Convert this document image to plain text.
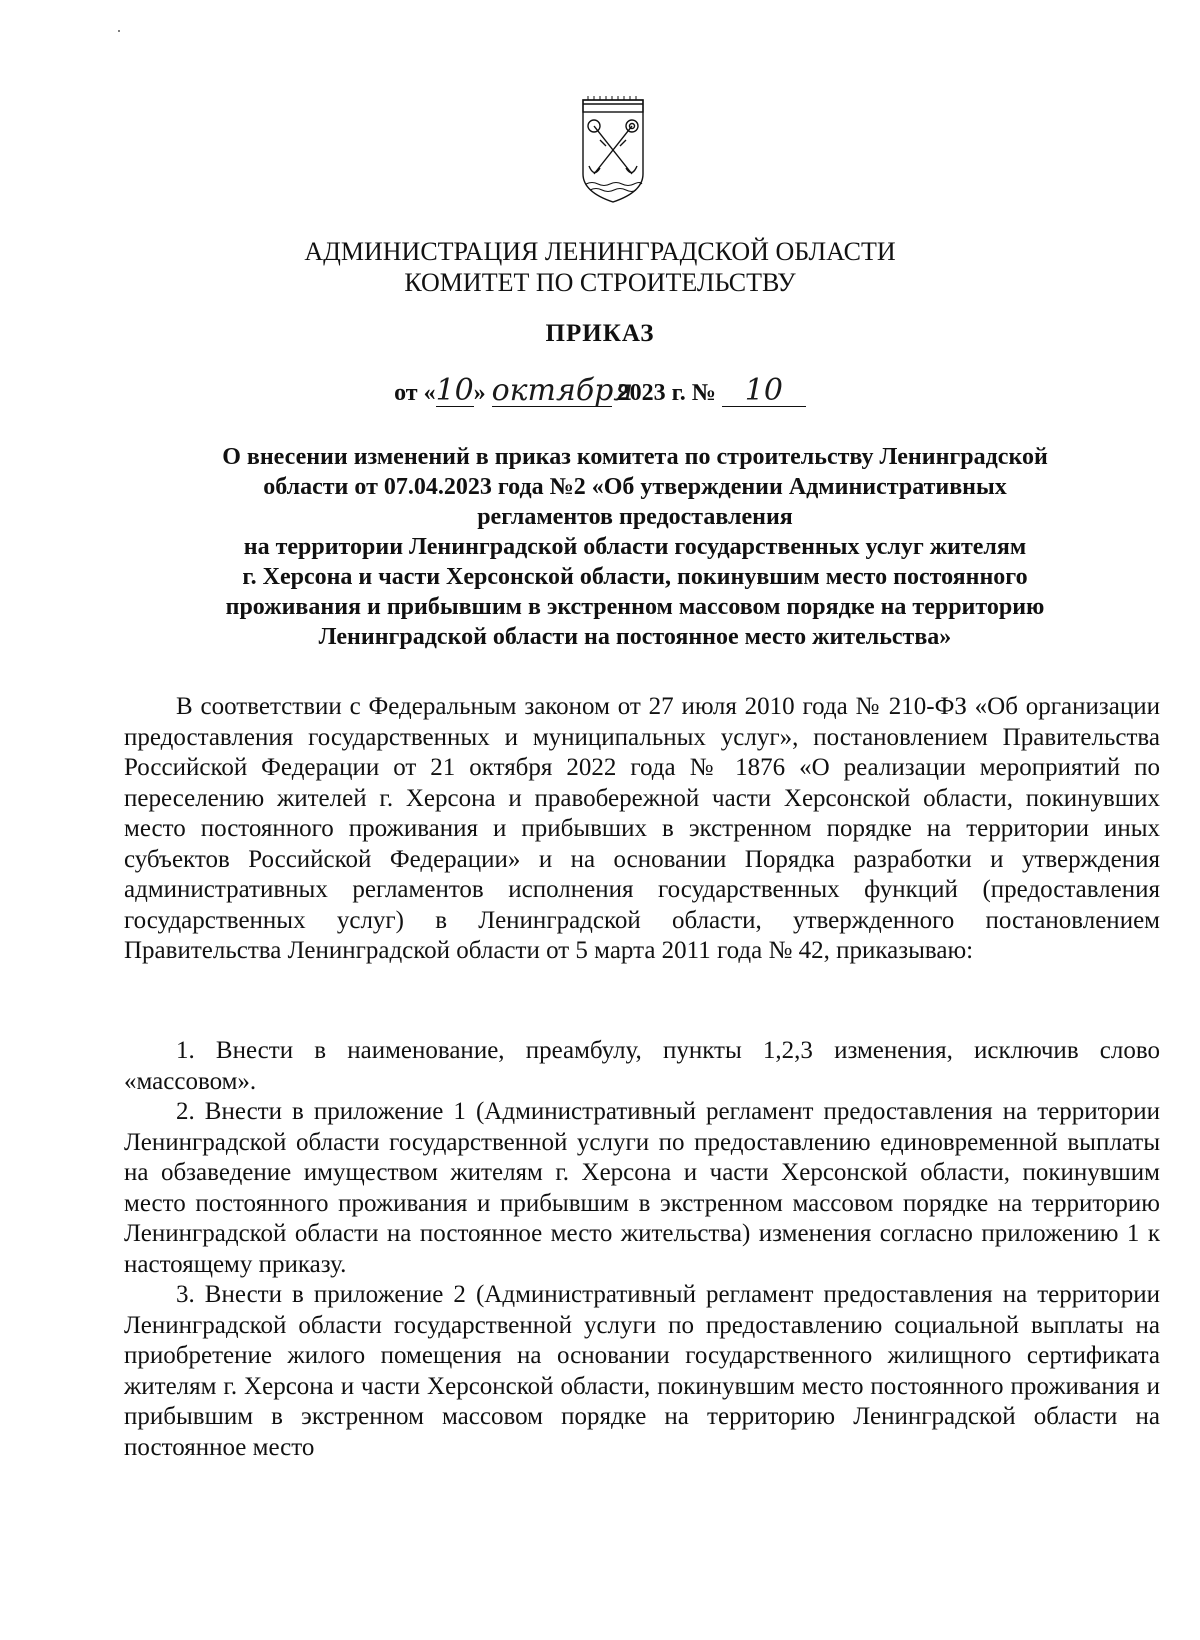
АДМИНИСТРАЦИЯ ЛЕНИНГРАДСКОЙ ОБЛАСТИ
КОМИТЕТ ПО СТРОИТЕЛЬСТВУ
ПРИКАЗ
от «10» октября 2023 г. № 10
О внесении изменений в приказ комитета по строительству Ленинградской
области от 07.04.2023 года №2 «Об утверждении Административных
регламентов предоставления
на территории Ленинградской области государственных услуг жителям
г. Херсона и части Херсонской области, покинувшим место постоянного
проживания и прибывшим в экстренном массовом порядке на территорию
Ленинградской области на постоянное место жительства»

В соответствии с Федеральным законом от 27 июля 2010 года № 210-ФЗ «Об организации предоставления государственных и муниципальных услуг», постановлением Правительства Российской Федерации от 21 октября 2022 года № 1876 «О реализации мероприятий по переселению жителей г. Херсона и правобережной части Херсонской области, покинувших место постоянного проживания и прибывших в экстренном порядке на территории иных субъектов Российской Федерации» и на основании Порядка разработки и утверждения административных регламентов исполнения государственных функций (предоставления государственных услуг) в Ленинградской области, утвержденного постановлением Правительства Ленинградской области от 5 марта 2011 года № 42, приказываю:

1. Внести в наименование, преамбулу, пункты 1,2,3 изменения, исключив слово «массовом».

2. Внести в приложение 1 (Административный регламент предоставления на территории Ленинградской области государственной услуги по предоставлению единовременной выплаты на обзаведение имуществом жителям г. Херсона и части Херсонской области, покинувшим место постоянного проживания и прибывшим в экстренном массовом порядке на территорию Ленинградской области на постоянное место жительства) изменения согласно приложению 1 к настоящему приказу.

3. Внести в приложение 2 (Административный регламент предоставления на территории Ленинградской области государственной услуги по предоставлению социальной выплаты на приобретение жилого помещения на основании государственного жилищного сертификата жителям г. Херсона и части Херсонской области, покинувшим место постоянного проживания и прибывшим в экстренном массовом порядке на территорию Ленинградской области на постоянное место
